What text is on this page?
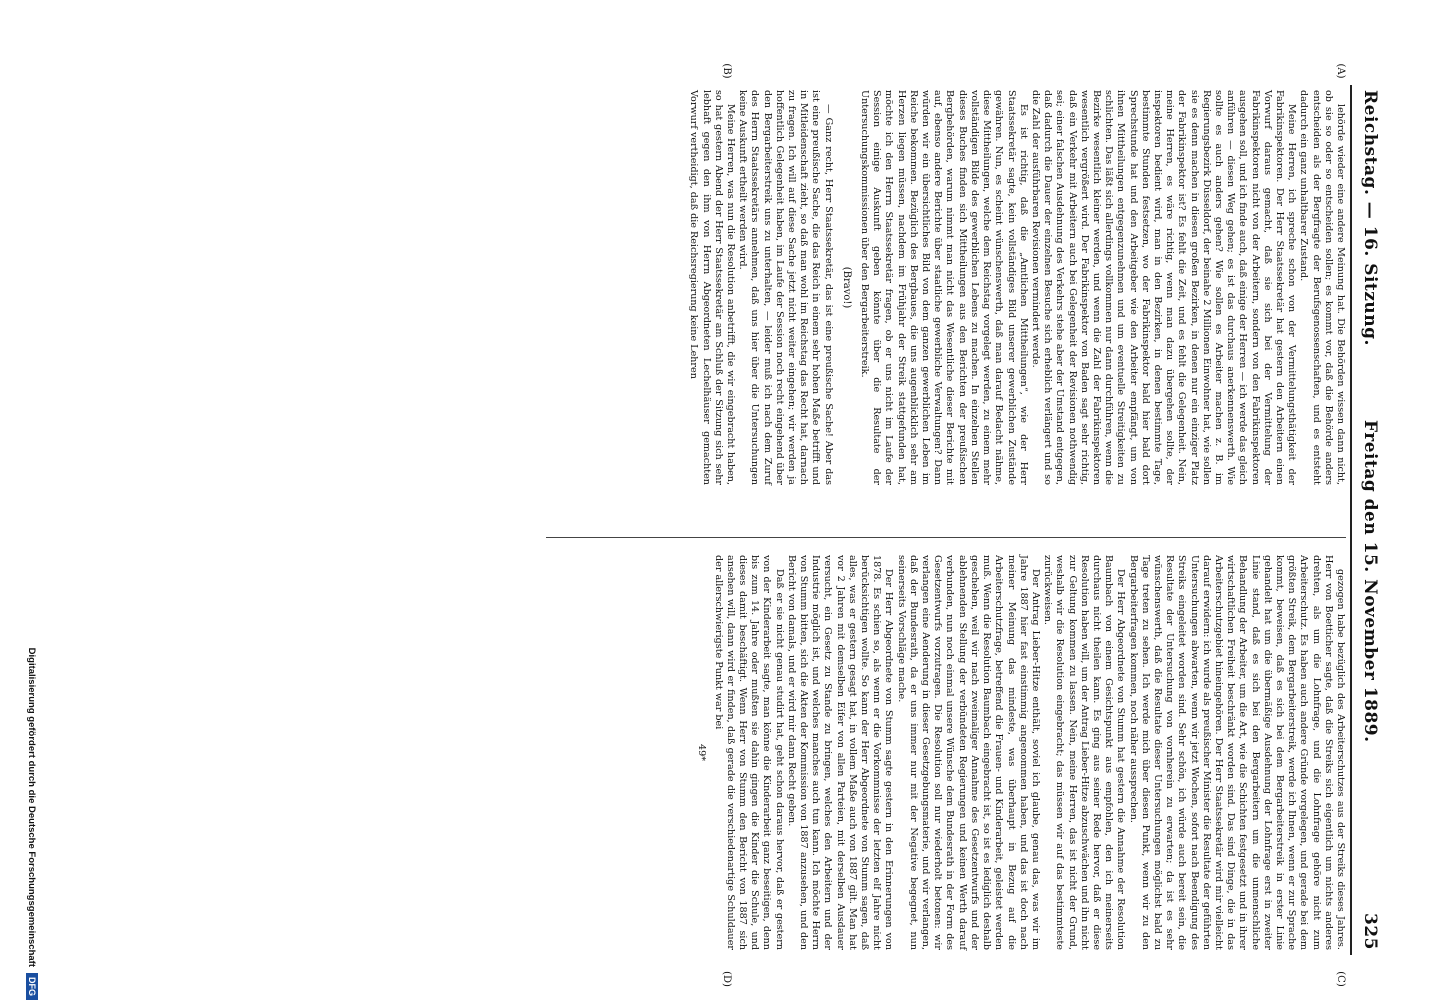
Reichstag. — 16. Sitzung.
Freitag den 15. November 1889.
325
(A)
(B)
(C)
(D)

lehörde wieder eine andere Meinung hat. Die Behörden wissen dann nicht, ob sie so oder so entscheiden sollen; es kommt vor, daß die Behörde anders entscheiden als der Bergfragte der Berufsgenossenschaften, und es entsteht dadurch ein ganz unhaltbarer Zustand.

Meine Herren, ich spreche schon von der Vermittelungsthätigkeit der Fabrikinspektoren. Der Herr Staatssekretär hat gestern den Arbeitern einen Vorwurf daraus gemacht, daß sie sich bei der Vermittelung der Fabrikinspektoren nicht von der Arbeitern, sondern von den Fabrikinspektoren ausgehen soll, und ich finde auch, daß einige der Herren — ich werde das gleich anführen — diesen Weg gehen; es ist das durchaus anerkennenswerth. Wie sollte es auch anders gehen? Wie sollen es Arbeiter machen z. B. im Regierungsbezirk Düsseldorf, der beinahe 2 Millionen Einwohner hat, wie sollen sie es denn machen in diesen großen Bezirken, in denen nur ein einziger Platz der Fabrikinspektor ist? Es fehlt die Zeit, und es fehlt die Gelegenheit. Nein, meine Herren, es wäre richtig, wenn man dazu übergehen sollte, der inspektoren bedient wird, man in den Bezirken, in denen bestimmte Tage, bestimmte Stunden festsetzen, wo der Fabrikinspektor bald hier bald dort Sprechstunde hat und den Arbeitgeber wie den Arbeiter empfängt, um von ihnen Mittheilungen entgegenzunehmen und um eventuelle Streitigkeiten zu schlichten. Das läßt sich allerdings vollkommen nur dann durchführen, wenn die Bezirke wesentlich kleiner werden, und wenn die Zahl der Fabrikinspektoren wesentlich vergrößert wird. Der Fabrikinspektor von Baden sagt sehr richtig, daß ein Verkehr mit Arbeitern auch bei Gelegenheit der Revisionen nothwendig sei; einer falschen Ausdehnung des Verkehrs stehe aber der Umstand entgegen, daß dadurch die Dauer der einzelnen Besuche sich erheblich verlängert und so die Zahl der ausführbaren Revisionen vermindert werde.

Es ist richtig, daß die „Amtlichen Mittheilungen“, wie der Herr Staatssekretär sagte, kein vollständiges Bild unserer gewerblichen Zustände gewähren. Nun, es scheint wünschenswerth, daß man darauf Bedacht nähme, diese Mittheilungen, welche dem Reichstag vorgelegt werden, zu einem mehr vollständigen Bilde des gewerblichen Lebens zu machen. In einzelnen Stellen dieses Buches finden sich Mittheilungen aus den Berichten der preußischen Bergbehörden, warum nimmt man nicht das Wesentliche dieser Berichte mit auf, ebenso andere Berichte über staatliche gewerbliche Verwaltungen? Dann würden wir ein übersichtliches Bild von dem ganzen gewerblichen Leben im Reiche bekommen. Bezüglich des Bergbaues, die uns augenblicklich sehr am Herzen liegen müssen, nachdem im Frühjahr der Streik stattgefunden hat, möchte ich den Herrn Staatssekretär fragen, ob er uns nicht im Laufe der Session einige Auskunft geben könnte über die Resultate der Untersuchungskommissionen über den Bergarbeiterstreik.

(Bravo!)

— Ganz recht, Herr Staatssekretär, das ist eine preußische Sache! Aber das ist eine preußische Sache, die das Reich in einem sehr hohen Maße betrifft und in Mitleidenschaft zieht, so daß man wohl im Reichstag das Recht hat, darnach zu fragen. Ich will auf diese Sache jetzt nicht weiter eingehen; wir werden ja hoffentlich Gelegenheit haben, im Laufe der Session noch recht eingehend über den Bergarbeiterstreik uns zu unterhalten, — leider muß ich nach dem Zuruf des Herrn Staatssekretärs annehmen, daß uns hier über die Untersuchungen keine Auskunft ertheilt werden wird.

Meine Herren, was nun die Resolution anbetrifft, die wir eingebracht haben, so hat gestern Abend der Herr Staatssekretär am Schluß der Sitzung sich sehr lebhaft gegen den ihm von Herrn Abgeordneten Lechelhäuser gemachten Vorwurf vertheidigt, daß die Reichsregierung keine Lehren

gezogen habe bezüglich des Arbeiterschutzes aus der Streiks dieses Jahres. Herr von Boetticher sagte, daß die Streiks sich eigentlich um nichts anderes drehten, als um die Lohnfrage, und die Lohnfrage gehöre nicht zum Arbeiterschutz. Es haben auch andere Gründe vorgelegen, und gerade bei dem größten Streik, dem Bergarbeiterstreik, werde ich Ihnen, wenn er zur Sprache kommt, beweisen, daß es sich bei dem Bergarbeiterstreik in erster Linie gehandelt hat um die übermäßige Ausdehnung der Lohnfrage erst in zweiter Linie stand, daß es sich bei den Bergarbeitern um die unmenschliche Behandlung der Arbeiter, um die Art, wie die Schichten festgesetzt und in ihrer wirtschaftlichen Freiheit beschränkt worden sind. Das sind Dinge, die in das Arbeiterschutzgebiet hineingehören. Der Herr Staatssekretär wird mir vielleicht darauf erwidern: ich wurde als preußischer Minister die Resultate der geführten Untersuchungen abwarten, wenn wir jetzt Wochen, sofort nach Beendigung des Streiks eingeleitet worden sind. Sehr schön, ich würde auch bereit sein, die Resultate der Untersuchung von vornherein zu erwarten; da ist es sehr wünschenswerth, daß die Resultate dieser Untersuchungen möglichst bald zu Tage treten zu sehen. Ich werde mich über diesen Punkt, wenn wir zu den Bergarbeiterfragen kommen, noch näher aussprechen.

Der Herr Abgeordnete von Stumm hat gestern die Annahme der Resolution Baumbach von einem Gesichtspunkt aus empfohlen, den ich meinerseits durchaus nicht theilen kann. Es ging aus seiner Rede hervor, daß er diese Resolution haben will, um der Antrag Lieber-Hitze abzuschwächen und ihn nicht zur Geltung kommen zu lassen. Nein, meine Herren, das ist nicht der Grund, weshalb wir die Resolution eingebracht; das müssen wir auf das bestimmteste zurückweisen.

Der Antrag Lieber-Hitze enthält, soviel ich glaube, genau das, was wir im Jahre 1887 hier fast einstimmig angenommen haben, und das ist doch nach meiner Meinung das mindeste, was überhaupt in Bezug auf die Arbeiterschutzfrage, betreffend die Frauen- und Kinderarbeit, geleistet werden muß. Wenn die Resolution Baumbach eingebracht ist, so ist es lediglich deshalb geschehen, weil wir nach zweimaliger Annahme des Gesetzentwurfs und der ablehnenden Stellung der verbündeten Regierungen und keinen Werth darauf verbunden, nun noch einmal unsere Wünsche dem Bundesrath in der Form des Gesetzentwurfs vorzutragen. Die Resolution soll nur wiederholt betonen: wir verlangen eine Aenderung in dieser Gesetzgebungsmaterie, und wir verlangen, daß der Bundesrath, da er uns immer nur mit der Negative begegnet, nun seinerseits Vorschläge mache.

Der Herr Abgeordnete von Stumm sagte gestern in den Erinnerungen von 1878. Es schien so, als wenn er die Vorkommnisse der letzten elf Jahre nicht berücksichtigen wollte. So kann der Herr Abgeordnete von Stumm sagen, daß alles, was er gestern gesagt hat, in vollem Maße auch von 1887 gilt. Man hat vor 2 Jahren mit demselben Eifer von allen Parteien, mit derselben Ausdauer versucht, ein Gesetz zu Stande zu bringen, welches den Arbeitern und der Industrie möglich ist, und welches manches auch tun kann. Ich möchte Herrn von Stumm bitten, sich die Akten der Kommission von 1887 anzusehen, und den Bericht von damals, und er wird mir dann Recht geben.

Daß er sie nicht genau studirt hat, geht schon daraus hervor, daß er gestern von der Kinderarbeit sagte, man könne die Kinderarbeit ganz beseitigen, denn bis zum 14. Jahre oder mußten sie dahin gingen die Kinder die Schule, und dieses damit beschäftigt. Wenn Herr von Stumm den Bericht von 1887 sich ansehen will, dann wird er finden, daß gerade die verschiedenartige Schuldauer der allerschwierigste Punkt war bei

49*
Digitalisierung gefördert durch die Deutsche ForschungsgemeinschaftDFG
